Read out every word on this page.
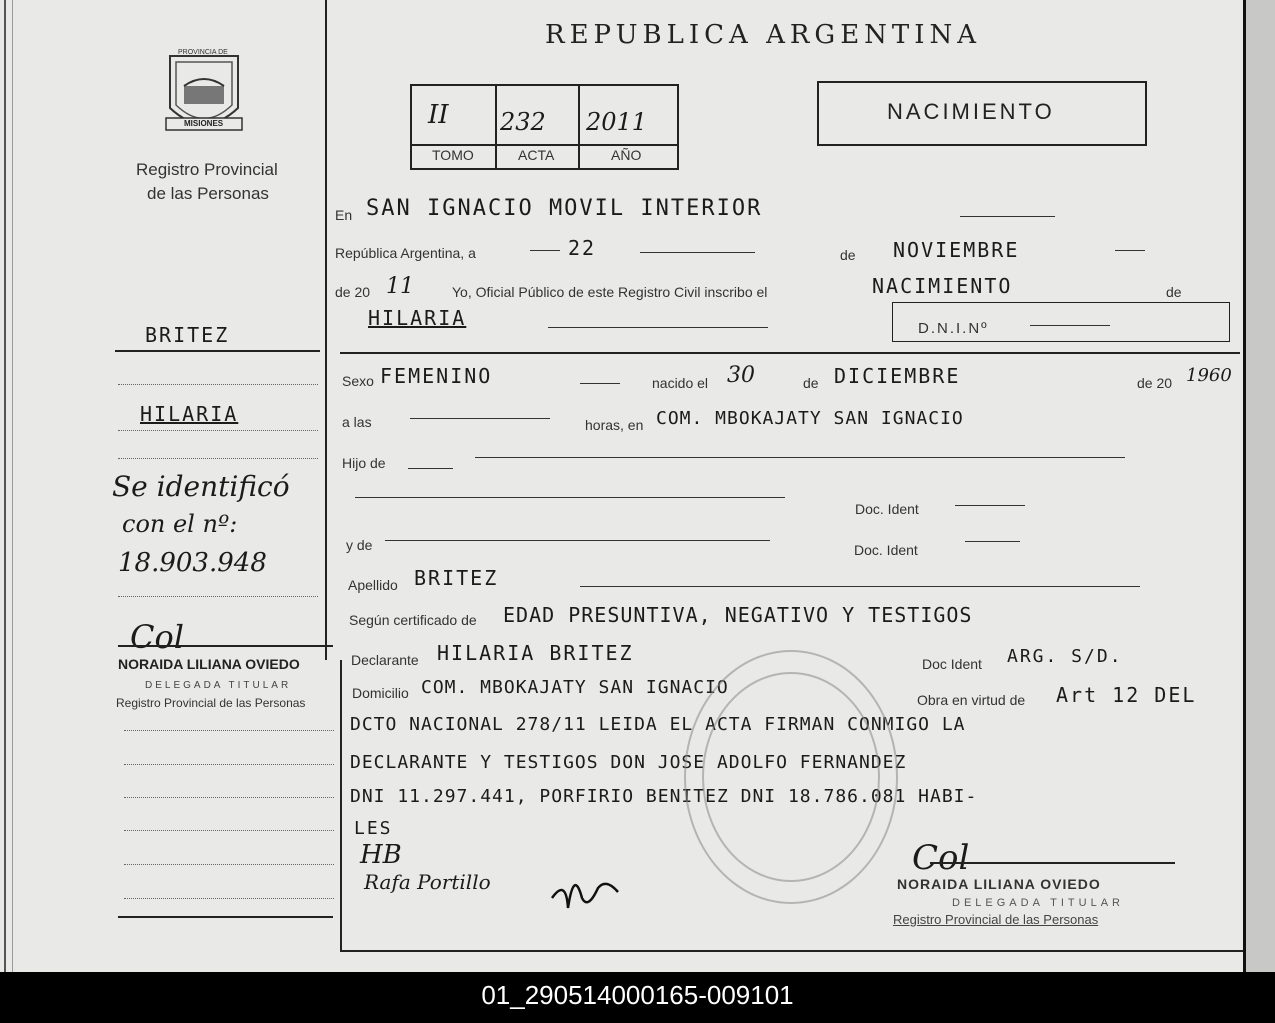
PROVINCIA DE
MISIONES
Registro Provincial
de las Personas
REPUBLICA ARGENTINA
II 232 2011
TOMO	ACTA	AÑO
NACIMIENTO
BRITEZ
HILARIA
Se identificó
con el nº:
18.903.948
Col
NORAIDA LILIANA OVIEDO
DELEGADA TITULAR
Registro Provincial de las Personas
En SAN IGNACIO MOVIL INTERIOR
República Argentina, a	22	de NOVIEMBRE
de 20 11	Yo, Oficial Público de este Registro Civil inscribo el	NACIMIENTO	de
HILARIA	D.N.I.Nº
Sexo FEMENINO	nacido el 30	de DICIEMBRE	de 20 1960
a las	horas, en COM. MBOKAJATY SAN IGNACIO
Hijo de
Doc. Ident
y de	Doc. Ident
Apellido BRITEZ
Según certificado de EDAD PRESUNTIVA, NEGATIVO Y TESTIGOS
Declarante HILARIA BRITEZ	Doc Ident ARG. S/D.
Domicilio COM. MBOKAJATY SAN IGNACIO
Obra en virtud de Art 12 DEL
DCTO NACIONAL 278/11 LEIDA EL ACTA FIRMAN CONMIGO LA
DECLARANTE Y TESTIGOS DON JOSE ADOLFO FERNANDEZ
DNI 11.297.441, PORFIRIO BENITEZ DNI 18.786.081 HABI-
LES
HB
Rafa Portillo
Col
NORAIDA LILIANA OVIEDO
DELEGADA TITULAR
Registro Provincial de las Personas
01_290514000165-009101
